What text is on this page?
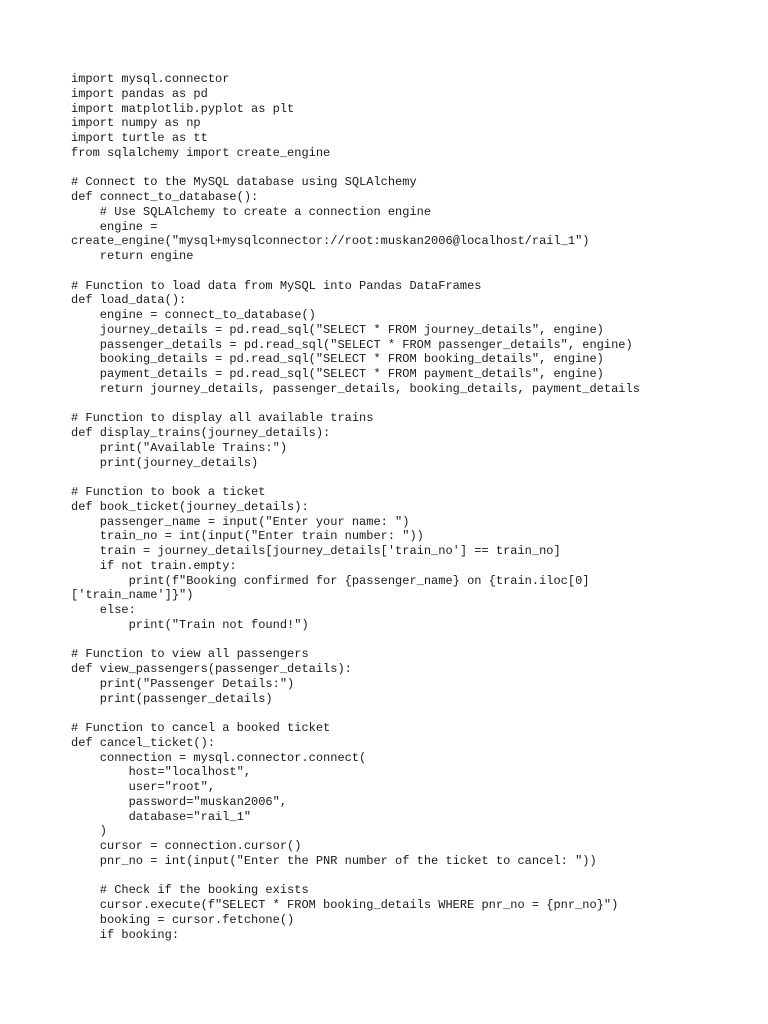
import mysql.connector
import pandas as pd
import matplotlib.pyplot as plt
import numpy as np
import turtle as tt
from sqlalchemy import create_engine
# Connect to the MySQL database using SQLAlchemy
def connect_to_database():
# Use SQLAlchemy to create a connection engine
engine =
create_engine("mysql+mysqlconnector://root:muskan2006@localhost/rail_1")
return engine
# Function to load data from MySQL into Pandas DataFrames
def load_data():
engine = connect_to_database()
journey_details = pd.read_sql("SELECT * FROM journey_details", engine)
passenger_details = pd.read_sql("SELECT * FROM passenger_details", engine)
booking_details = pd.read_sql("SELECT * FROM booking_details", engine)
payment_details = pd.read_sql("SELECT * FROM payment_details", engine)
return journey_details, passenger_details, booking_details, payment_details
# Function to display all available trains
def display_trains(journey_details):
print("Available Trains:")
print(journey_details)
# Function to book a ticket
def book_ticket(journey_details):
passenger_name = input("Enter your name: ")
train_no = int(input("Enter train number: "))
train = journey_details[journey_details['train_no'] == train_no]
if not train.empty:
print(f"Booking confirmed for {passenger_name} on {train.iloc[0]
['train_name']}")
else:
print("Train not found!")
# Function to view all passengers
def view_passengers(passenger_details):
print("Passenger Details:")
print(passenger_details)
# Function to cancel a booked ticket
def cancel_ticket():
connection = mysql.connector.connect(
host="localhost",
user="root",
password="muskan2006",
database="rail_1"
)
cursor = connection.cursor()
pnr_no = int(input("Enter the PNR number of the ticket to cancel: "))
# Check if the booking exists
cursor.execute(f"SELECT * FROM booking_details WHERE pnr_no = {pnr_no}")
booking = cursor.fetchone()
if booking:
